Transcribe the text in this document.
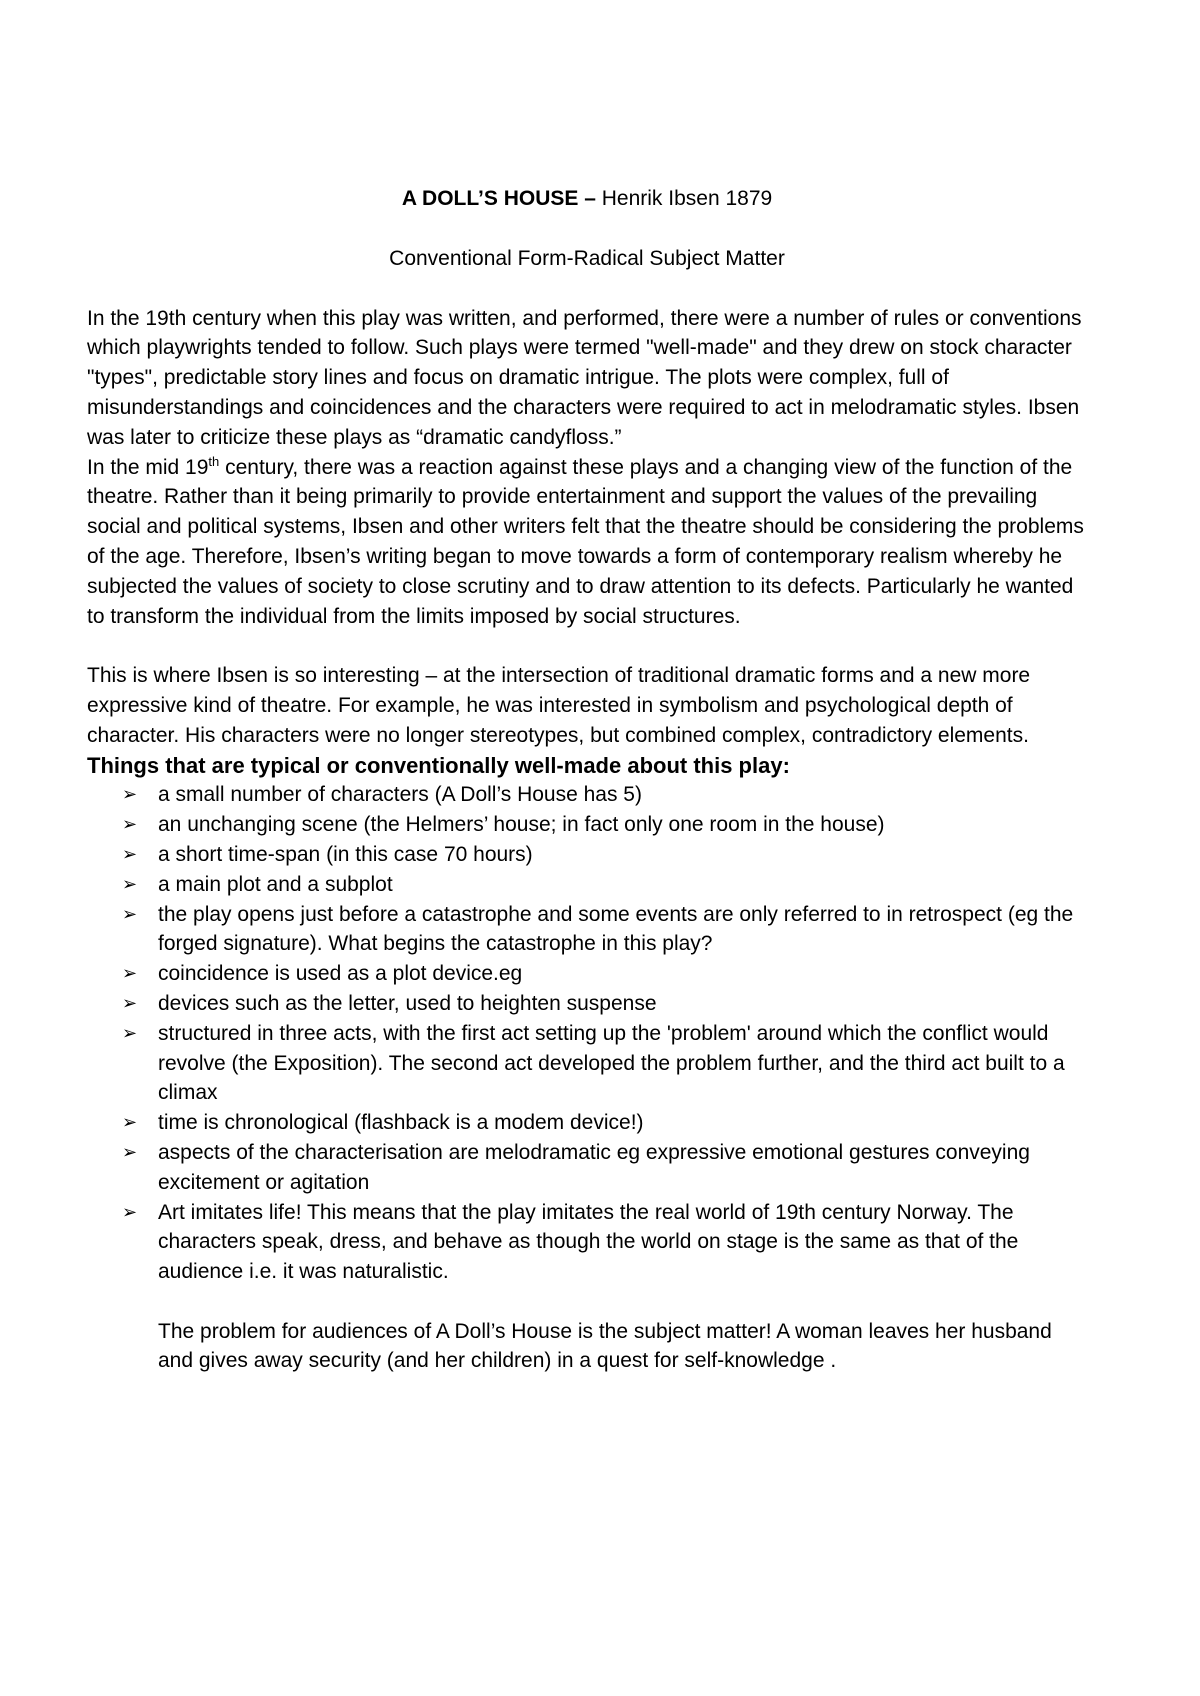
A DOLL’S HOUSE – Henrik Ibsen 1879

Conventional Form-Radical Subject Matter

In the 19th century when this play was written, and performed, there were a number of rules or conventions which playwrights tended to follow. Such plays were termed "well-made" and they drew on stock character "types", predictable story lines and focus on dramatic intrigue. The plots were complex, full of misunderstandings and coincidences and the characters were required to act in melodramatic styles. Ibsen was later to criticize these plays as “dramatic candyfloss.”

In the mid 19th century, there was a reaction against these plays and a changing view of the function of the theatre. Rather than it being primarily to provide entertainment and support the values of the prevailing social and political systems, Ibsen and other writers felt that the theatre should be considering the problems of the age. Therefore, Ibsen’s writing began to move towards a form of contemporary realism whereby he subjected the values of society to close scrutiny and to draw attention to its defects. Particularly he wanted to transform the individual from the limits imposed by social structures.

This is where Ibsen is so interesting – at the intersection of traditional dramatic forms and a new more expressive kind of theatre. For example, he was interested in symbolism and psychological depth of character. His characters were no longer stereotypes, but combined complex, contradictory elements.

Things that are typical or conventionally well-made about this play:

➢ a small number of characters (A Doll’s House has 5)
➢ an unchanging scene (the Helmers’ house; in fact only one room in the house)
➢ a short time-span (in this case 70 hours)
➢ a main plot and a subplot
➢ the play opens just before a catastrophe and some events are only referred to in retrospect (eg the forged signature). What begins the catastrophe in this play?
➢ coincidence is used as a plot device.eg
➢ devices such as the letter, used to heighten suspense
➢ structured in three acts, with the first act setting up the 'problem' around which the conflict would revolve (the Exposition). The second act developed the problem further, and the third act built to a climax
➢ time is chronological (flashback is a modem device!)
➢ aspects of the characterisation are melodramatic eg expressive emotional gestures conveying excitement or agitation
➢ Art imitates life! This means that the play imitates the real world of 19th century Norway. The characters speak, dress, and behave as though the world on stage is the same as that of the audience i.e. it was naturalistic.

The problem for audiences of A Doll’s House is the subject matter! A woman leaves her husband and gives away security (and her children) in a quest for self-knowledge .
